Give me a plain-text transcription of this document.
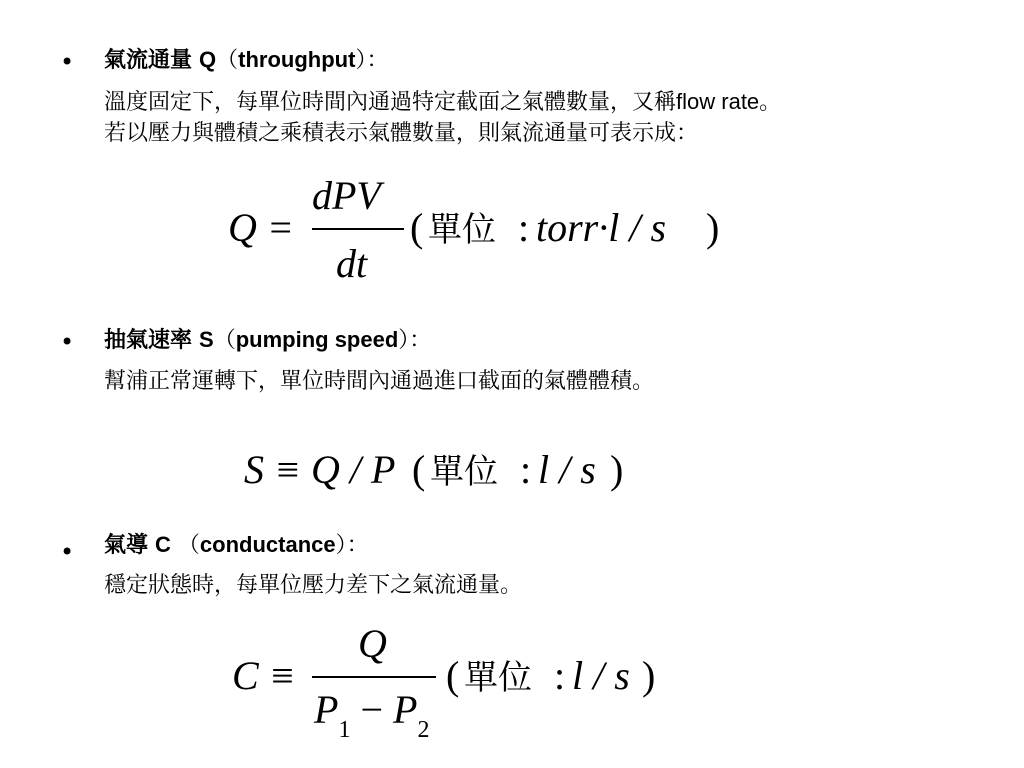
• 氣流通量 Q（throughput）：
溫度固定下，每單位時間內通過特定截面之氣體數量，又稱flow rate。
若以壓力與體積之乘積表示氣體數量，則氣流通量可表示成：
Q =
dPV
dt
( 單位 : torr·l / s )
• 抽氣速率 S（pumping speed）：
幫浦正常運轉下，單位時間內通過進口截面的氣體體積。
S ≡ Q / P ( 單位 : l / s )
• 氣導 C （conductance）：
穩定狀態時，每單位壓力差下之氣流通量。
C ≡
Q
$P_1 - P_2$
( 單位 : l / s )
